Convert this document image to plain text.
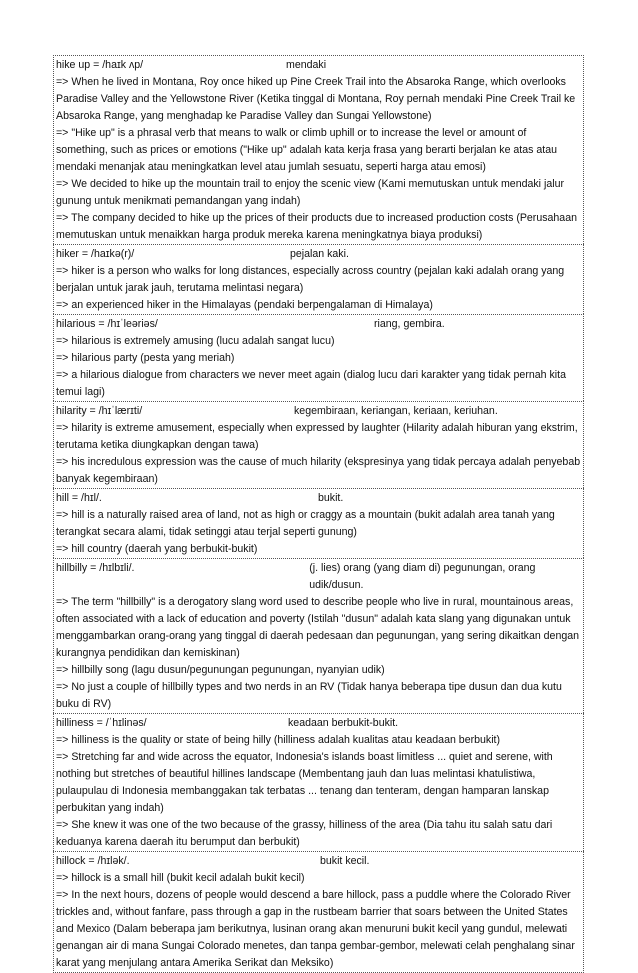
hike up = /haɪk ʌp/	mendaki
=> When he lived in Montana, Roy once hiked up Pine Creek Trail into the Absaroka Range, which overlooks Paradise Valley and the Yellowstone River (Ketika tinggal di Montana, Roy pernah mendaki Pine Creek Trail ke Absaroka Range, yang menghadap ke Paradise Valley dan Sungai Yellowstone)
=> "Hike up" is a phrasal verb that means to walk or climb uphill or to increase the level or amount of something, such as prices or emotions ("Hike up" adalah kata kerja frasa yang berarti berjalan ke atas atau mendaki menanjak atau meningkatkan level atau jumlah sesuatu, seperti harga atau emosi)
=> We decided to hike up the mountain trail to enjoy the scenic view (Kami memutuskan untuk mendaki jalur gunung untuk menikmati pemandangan yang indah)
=> The company decided to hike up the prices of their products due to increased production costs (Perusahaan memutuskan untuk menaikkan harga produk mereka karena meningkatnya biaya produksi)
hiker = /haɪkə(r)/	pejalan kaki.
=> hiker is a person who walks for long distances, especially across country (pejalan kaki adalah orang yang berjalan untuk jarak jauh, terutama melintasi negara)
=> an experienced hiker in the Himalayas (pendaki berpengalaman di Himalaya)
hilarious = /hɪˈleəriəs/	riang, gembira.
=> hilarious is extremely amusing (lucu adalah sangat lucu)
=> hilarious party (pesta yang meriah)
=> a hilarious dialogue from characters we never meet again (dialog lucu dari karakter yang tidak pernah kita temui lagi)
hilarity = /hɪˈlærɪti/	kegembiraan, keriangan, keriaan, keriuhan.
=> hilarity is extreme amusement, especially when expressed by laughter (Hilarity adalah hiburan yang ekstrim, terutama ketika diungkapkan dengan tawa)
=> his incredulous expression was the cause of much hilarity (ekspresinya yang tidak percaya adalah penyebab banyak kegembiraan)
hill = /hɪl/.	bukit.
=> hill is a naturally raised area of land, not as high or craggy as a mountain (bukit adalah area tanah yang terangkat secara alami, tidak setinggi atau terjal seperti gunung)
=> hill country (daerah yang berbukit-bukit)
hillbilly = /hɪlbɪli/.	(j. lies) orang (yang diam di) pegunungan, orang udik/dusun.
=> The term "hillbilly" is a derogatory slang word used to describe people who live in rural, mountainous areas, often associated with a lack of education and poverty (Istilah "dusun" adalah kata slang yang digunakan untuk menggambarkan orang-orang yang tinggal di daerah pedesaan dan pegunungan, yang sering dikaitkan dengan kurangnya pendidikan dan kemiskinan)
=> hillbilly song (lagu dusun/pegunungan pegunungan, nyanyian udik)
=> No just a couple of hillbilly types and two nerds in an RV (Tidak hanya beberapa tipe dusun dan dua kutu buku di RV)
hilliness = /ˈhɪlinəs/	keadaan berbukit-bukit.
=> hilliness is the quality or state of being hilly (hilliness adalah kualitas atau keadaan berbukit)
=> Stretching far and wide across the equator, Indonesia's islands boast limitless ... quiet and serene, with nothing but stretches of beautiful hillines landscape (Membentang jauh dan luas melintasi khatulistiwa, pulaupulau di Indonesia membanggakan tak terbatas ... tenang dan tenteram, dengan hamparan lanskap perbukitan yang indah)
=> She knew it was one of the two because of the grassy, hilliness of the area (Dia tahu itu salah satu dari keduanya karena daerah itu berumput dan berbukit)
hillock = /hɪlək/.	bukit kecil.
=> hillock is a small hill (bukit kecil adalah bukit kecil)
=> In the next hours, dozens of people would descend a bare hillock, pass a puddle where the Colorado River trickles and, without fanfare, pass through a gap in the rustbeam barrier that soars between the United States and Mexico (Dalam beberapa jam berikutnya, lusinan orang akan menuruni bukit kecil yang gundul, melewati genangan air di mana Sungai Colorado menetes, dan tanpa gembar-gembor, melewati celah penghalang sinar karat yang menjulang antara Amerika Serikat dan Meksiko)
